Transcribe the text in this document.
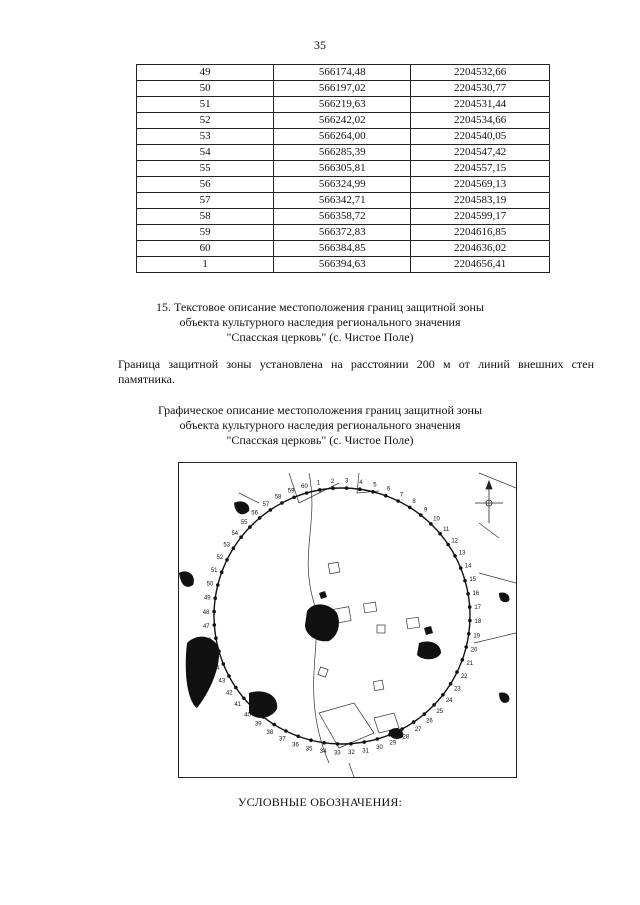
35
49	566174,48	2204532,66
50	566197,02	2204530,77
51	566219,63	2204531,44
52	566242,02	2204534,66
53	566264,00	2204540,05
54	566285,39	2204547,42
55	566305,81	2204557,15
56	566324,99	2204569,13
57	566342,71	2204583,19
58	566358,72	2204599,17
59	566372,83	2204616,85
60	566384,85	2204636,02
1	566394,63	2204656,41
15. Текстовое описание местоположения границ защитной зоны
объекта культурного наследия регионального значения
"Спасская церковь" (с. Чистое Поле)
Граница защитной зоны установлена на расстоянии 200 м от линий внешних стен памятника.
Графическое описание местоположения границ защитной зоны
объекта культурного наследия регионального значения
"Спасская церковь" (с. Чистое Поле)
1 2 3 4 5
6
7
8
9
10
11
12
13
14
15
16
17
18
19
20
21
22
23
24
25
26
27
28
29
30
31
32
33
34
35
36
37
38
39
40
41
42
43
44
45
46
47
48
49
50
51
52
53
54
55
56
57
58
59
60
УСЛОВНЫЕ ОБОЗНАЧЕНИЯ:
